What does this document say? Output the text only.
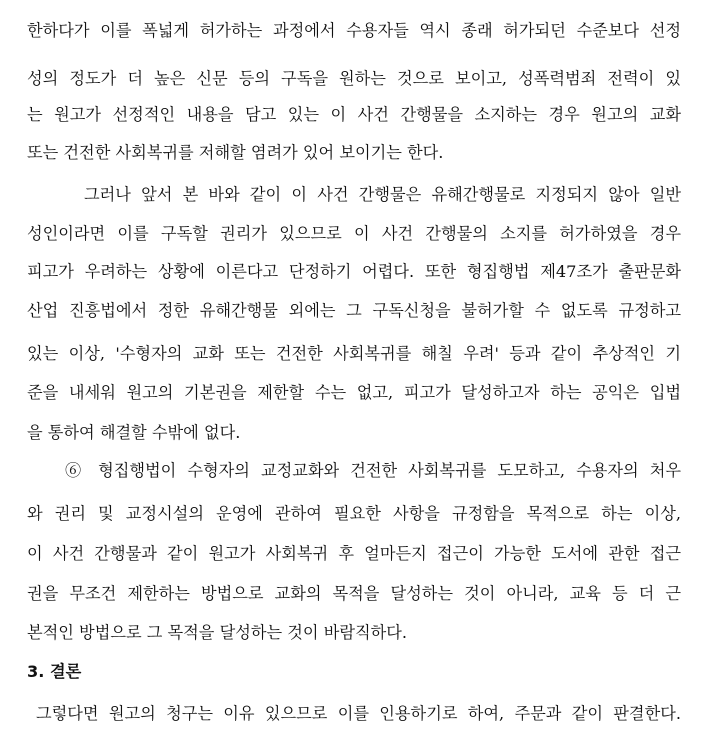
한하다가 이를 폭넓게 허가하는 과정에서 수용자들 역시 종래 허가되던 수준보다 선정
성의 정도가 더 높은 신문 등의 구독을 원하는 것으로 보이고, 성폭력범죄 전력이 있
는 원고가 선정적인 내용을 담고 있는 이 사건 간행물을 소지하는 경우 원고의 교화
또는 건전한 사회복귀를 저해할 염려가 있어 보이기는 한다.
그러나 앞서 본 바와 같이 이 사건 간행물은 유해간행물로 지정되지 않아 일반
성인이라면 이를 구독할 권리가 있으므로 이 사건 간행물의 소지를 허가하였을 경우
피고가 우려하는 상황에 이른다고 단정하기 어렵다. 또한 형집행법 제47조가 출판문화
산업 진흥법에서 정한 유해간행물 외에는 그 구독신청을 불허가할 수 없도록 규정하고
있는 이상, '수형자의 교화 또는 건전한 사회복귀를 해칠 우려' 등과 같이 추상적인 기
준을 내세워 원고의 기본권을 제한할 수는 없고, 피고가 달성하고자 하는 공익은 입법
을 통하여 해결할 수밖에 없다.
⑥ 형집행법이 수형자의 교정교화와 건전한 사회복귀를 도모하고, 수용자의 처우
와 권리 및 교정시설의 운영에 관하여 필요한 사항을 규정함을 목적으로 하는 이상,
이 사건 간행물과 같이 원고가 사회복귀 후 얼마든지 접근이 가능한 도서에 관한 접근
권을 무조건 제한하는 방법으로 교화의 목적을 달성하는 것이 아니라, 교육 등 더 근
본적인 방법으로 그 목적을 달성하는 것이 바람직하다.
3. 결론
그렇다면 원고의 청구는 이유 있으므로 이를 인용하기로 하여, 주문과 같이 판결한다.
